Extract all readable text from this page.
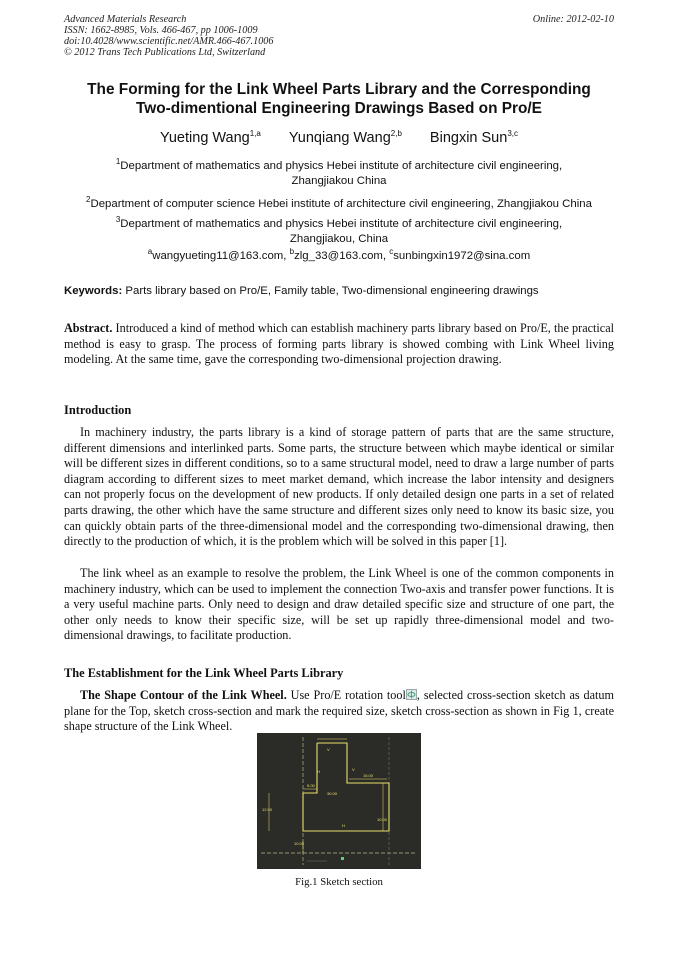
Advanced Materials Research
ISSN: 1662-8985, Vols. 466-467, pp 1006-1009
doi:10.4028/www.scientific.net/AMR.466-467.1006
© 2012 Trans Tech Publications Ltd, Switzerland
Online: 2012-02-10
The Forming for the Link Wheel Parts Library and the Corresponding
Two-dimentional Engineering Drawings Based on Pro/E
Yueting Wang$^{1,a}$ Yunqiang Wang$^{2,b}$ Bingxin Sun$^{3,c}$
$^1$Department of mathematics and physics Hebei institute of architecture civil engineering,
Zhangjiakou China
$^2$Department of computer science Hebei institute of architecture civil engineering, Zhangjiakou China
$^3$Department of mathematics and physics Hebei institute of architecture civil engineering,
Zhangjiakou, China
$^a$wangyueting11@163.com, $^b$zlg_33@163.com, $^c$sunbingxin1972@sina.com
Keywords: Parts library based on Pro/E, Family table, Two-dimensional engineering drawings
Abstract. Introduced a kind of method which can establish machinery parts library based on Pro/E, the practical method is easy to grasp. The process of forming parts library is showed combing with Link Wheel living modeling. At the same time, gave the corresponding two-dimensional projection drawing.
Introduction
In machinery industry, the parts library is a kind of storage pattern of parts that are the same structure, different dimensions and interlinked parts. Some parts, the structure between which maybe identical or similar will be different sizes in different conditions, so to a same structural model, need to draw a large number of parts diagram according to different sizes to meet market demand, which increase the labor intensity and designers can not properly focus on the development of new products. If only detailed design one parts in a set of related parts drawing, the other which have the same structure and different sizes only need to know its basic size, you can quickly obtain parts of the three-dimensional model and the corresponding two-dimensional drawing, then directly to the production of which, it is the problem which will be solved in this paper [1].
The link wheel as an example to resolve the problem, the Link Wheel is one of the common components in machinery industry, which can be used to implement the connection Two-axis and transfer power functions. It is a very useful machine parts. Only need to design and draw detailed specific size and structure of one part, the other only needs to know their specific size, will be set up rapidly three-dimensional model and two-dimensional drawings, to facilitate production.
The Establishment for the Link Wheel Parts Library
The Shape Contour of the Link Wheel. Use Pro/E rotation tool , selected cross-section sketch as datum plane for the Top, sketch cross-section and mark the required size, sketch cross-section as shown in Fig 1, create shape structure of the Link Wheel.
V
V
H
H
5.00
15.00
30.00
12.00
10.00
10.00
Fig.1 Sketch section
